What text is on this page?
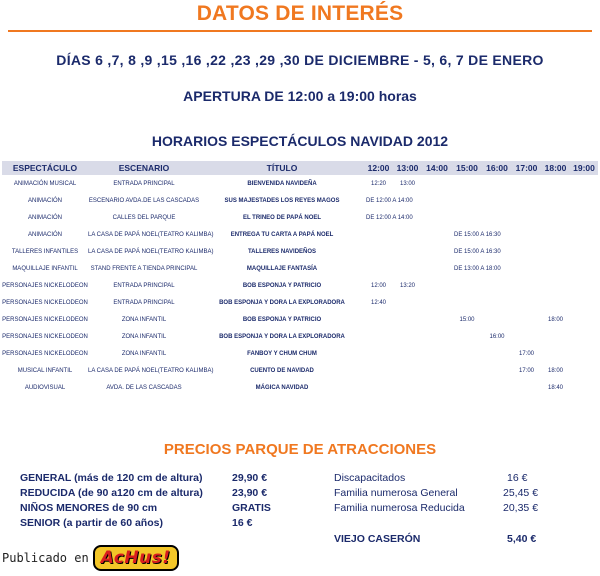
DATOS DE INTERÉS
DÍAS 6 ,7, 8 ,9 ,15 ,16 ,22 ,23 ,29 ,30 DE DICIEMBRE - 5, 6, 7 DE ENERO
APERTURA DE 12:00 a 19:00 horas
HORARIOS ESPECTÁCULOS NAVIDAD 2012
ESPECTÁCULO	ESCENARIO	TÍTULO	12:00	13:00	14:00	15:00	16:00	17:00	18:00	19:00
ANIMACIÓN MUSICAL	ENTRADA PRINCIPAL	BIENVENIDA NAVIDEÑA	12:20	13:00						
ANIMACIÓN	ESCENARIO AVDA.DE LAS CASCADAS	SUS MAJESTADES LOS REYES MAGOS	DE 12:00 A 14:00							
ANIMACIÓN	CALLES DEL PARQUE	EL TRINEO DE PAPÁ NOEL	DE 12:00 A 14:00							
ANIMACIÓN	LA CASA DE PAPÁ NOEL(TEATRO KALIMBA)	ENTREGA TU CARTA A PAPÁ NOEL				DE 15:00 A 16:30				
TALLERES INFANTILES	LA CASA DE PAPÁ NOEL(TEATRO KALIMBA)	TALLERES NAVIDEÑOS				DE 15:00 A 16:30				
MAQUILLAJE INFANTIL	STAND FRENTE A TIENDA PRINCIPAL	MAQUILLAJE FANTASÍA				DE 13:00 A 18:00				
PERSONAJES NICKELODEON	ENTRADA PRINCIPAL	BOB ESPONJA Y PATRICIO	12:00	13:20						
PERSONAJES NICKELODEON	ENTRADA PRINCIPAL	BOB ESPONJA Y DORA LA EXPLORADORA	12:40							
PERSONAJES NICKELODEON	ZONA INFANTIL	BOB ESPONJA Y PATRICIO				15:00			18:00	
PERSONAJES NICKELODEON	ZONA INFANTIL	BOB ESPONJA Y DORA LA EXPLORADORA					16:00			
PERSONAJES NICKELODEON	ZONA INFANTIL	FANBOY Y CHUM CHUM						17:00		
MUSICAL INFANTIL	LA CASA DE PAPÁ NOEL(TEATRO KALIMBA)	CUENTO DE NAVIDAD						17:00	18:00	
AUDIOVISUAL	AVDA. DE LAS CASCADAS	MÁGICA NAVIDAD							18:40	
PRECIOS PARQUE DE ATRACCIONES
GENERAL (más de 120 cm de altura)	29,90 €
REDUCIDA (de 90 a120 cm de altura)	23,90 €
NIÑOS MENORES de 90 cm	GRATIS
SENIOR (a partir de 60 años)	16 €
Discapacitados	16 €
Familia numerosa General	25,45 €
Familia numerosa Reducida	20,35 €
VIEJO CASERÓN	5,40 €
Publicado en AcHus!
